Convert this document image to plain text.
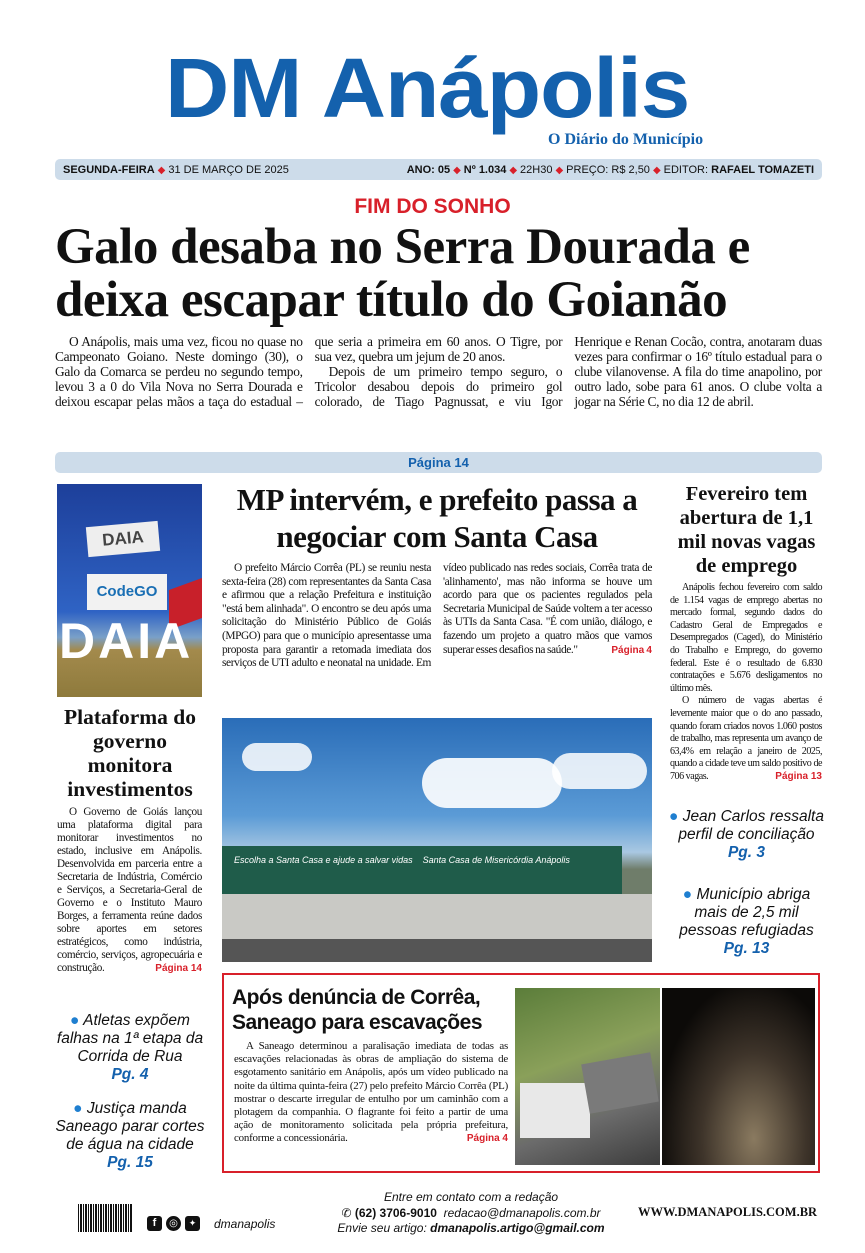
DM Anápolis
O Diário do Município
SEGUNDA-FEIRA ◆ 31 DE MARÇO DE 2025	ANO: 05 ◆ Nº 1.034 ◆ 22H30 ◆ PREÇO: R$ 2,50 ◆ EDITOR: RAFAEL TOMAZETI
FIM DO SONHO
Galo desaba no Serra Dourada e deixa escapar título do Goianão

O Anápolis, mais uma vez, ficou no quase no Campeonato Goiano. Neste domingo (30), o Galo da Comarca se perdeu no segundo tempo, levou 3 a 0 do Vila Nova no Serra Dourada e deixou escapar pelas mãos a taça do estadual – que seria a primeira em 60 anos. O Tigre, por sua vez, quebra um jejum de 20 anos.

Depois de um primeiro tempo seguro, o Tricolor desabou depois do primeiro gol colorado, de Tiago Pagnussat, e viu Igor Henrique e Renan Cocão, contra, anotaram duas vezes para confirmar o 16º título estadual para o clube vilanovense. A fila do time anapolino, por outro lado, sobe para 61 anos. O clube volta a jogar na Série C, no dia 12 de abril.

Página 14
DAIA
CodeGO
DAIA
Plataforma do governo monitora investimentos

O Governo de Goiás lançou uma plataforma digital para monitorar investimentos no estado, inclusive em Anápolis. Desenvolvida em parceria entre a Secretaria de Indústria, Comércio e Serviços, a Secretaria-Geral de Governo e o Instituto Mauro Borges, a ferramenta reúne dados sobre aportes em setores estratégicos, como indústria, comércio, serviços, agropecuária e construção.	Página 14

● Atletas expõem falhas na 1ª etapa da Corrida de Rua
Pg. 4
● Justiça manda Saneago parar cortes de água na cidade
Pg. 15
MP intervém, e prefeito passa a negociar com Santa Casa

O prefeito Márcio Corrêa (PL) se reuniu nesta sexta-feira (28) com representantes da Santa Casa e afirmou que a relação Prefeitura e instituição "está bem alinhada". O encontro se deu após uma solicitação do Ministério Público de Goiás (MPGO) para que o município apresentasse uma proposta para garantir a retomada imediata dos serviços de UTI adulto e neonatal na unidade. Em vídeo publicado nas redes sociais, Corrêa trata de 'alinhamento', mas não informa se houve um acordo para que os pacientes regulados pela Secretaria Municipal de Saúde voltem a ter acesso às UTIs da Santa Casa. "É com união, diálogo, e fazendo um projeto a quatro mãos que vamos superar esses desafios na saúde."	Página 4

Escolha a Santa Casa e ajude a salvar vidas Santa Casa de Misericórdia Anápolis
Fevereiro tem abertura de 1,1 mil novas vagas de emprego

Anápolis fechou fevereiro com saldo de 1.154 vagas de emprego abertas no mercado formal, segundo dados do Cadastro Geral de Empregados e Desempregados (Caged), do Ministério do Trabalho e Emprego, do governo federal. Este é o resultado de 6.830 contratações e 5.676 desligamentos no último mês.

O número de vagas abertas é levemente maior que o do ano passado, quando foram criados novos 1.060 postos de trabalho, mas representa um avanço de 63,4% em relação a janeiro de 2025, quando a cidade teve um saldo positivo de 706 vagas.	Página 13

● Jean Carlos ressalta perfil de conciliação
Pg. 3
● Município abriga mais de 2,5 mil pessoas refugiadas
Pg. 13
Após denúncia de Corrêa, Saneago para escavações

A Saneago determinou a paralisação imediata de todas as escavações relacionadas às obras de ampliação do sistema de esgotamento sanitário em Anápolis, após um vídeo publicado na noite da última quinta-feira (27) pelo prefeito Márcio Corrêa (PL) mostrar o descarte irregular de entulho por um caminhão com a plotagem da companhia. O flagrante foi feito a partir de uma ação de monitoramento solicitada pela própria prefeitura, conforme a concessionária.	Página 4

f	◎	✦	dmanapolis
Entre em contato com a redação
✆ (62) 3706-9010 redacao@dmanapolis.com.br
Envie seu artigo: dmanapolis.artigo@gmail.com
WWW.DMANAPOLIS.COM.BR
